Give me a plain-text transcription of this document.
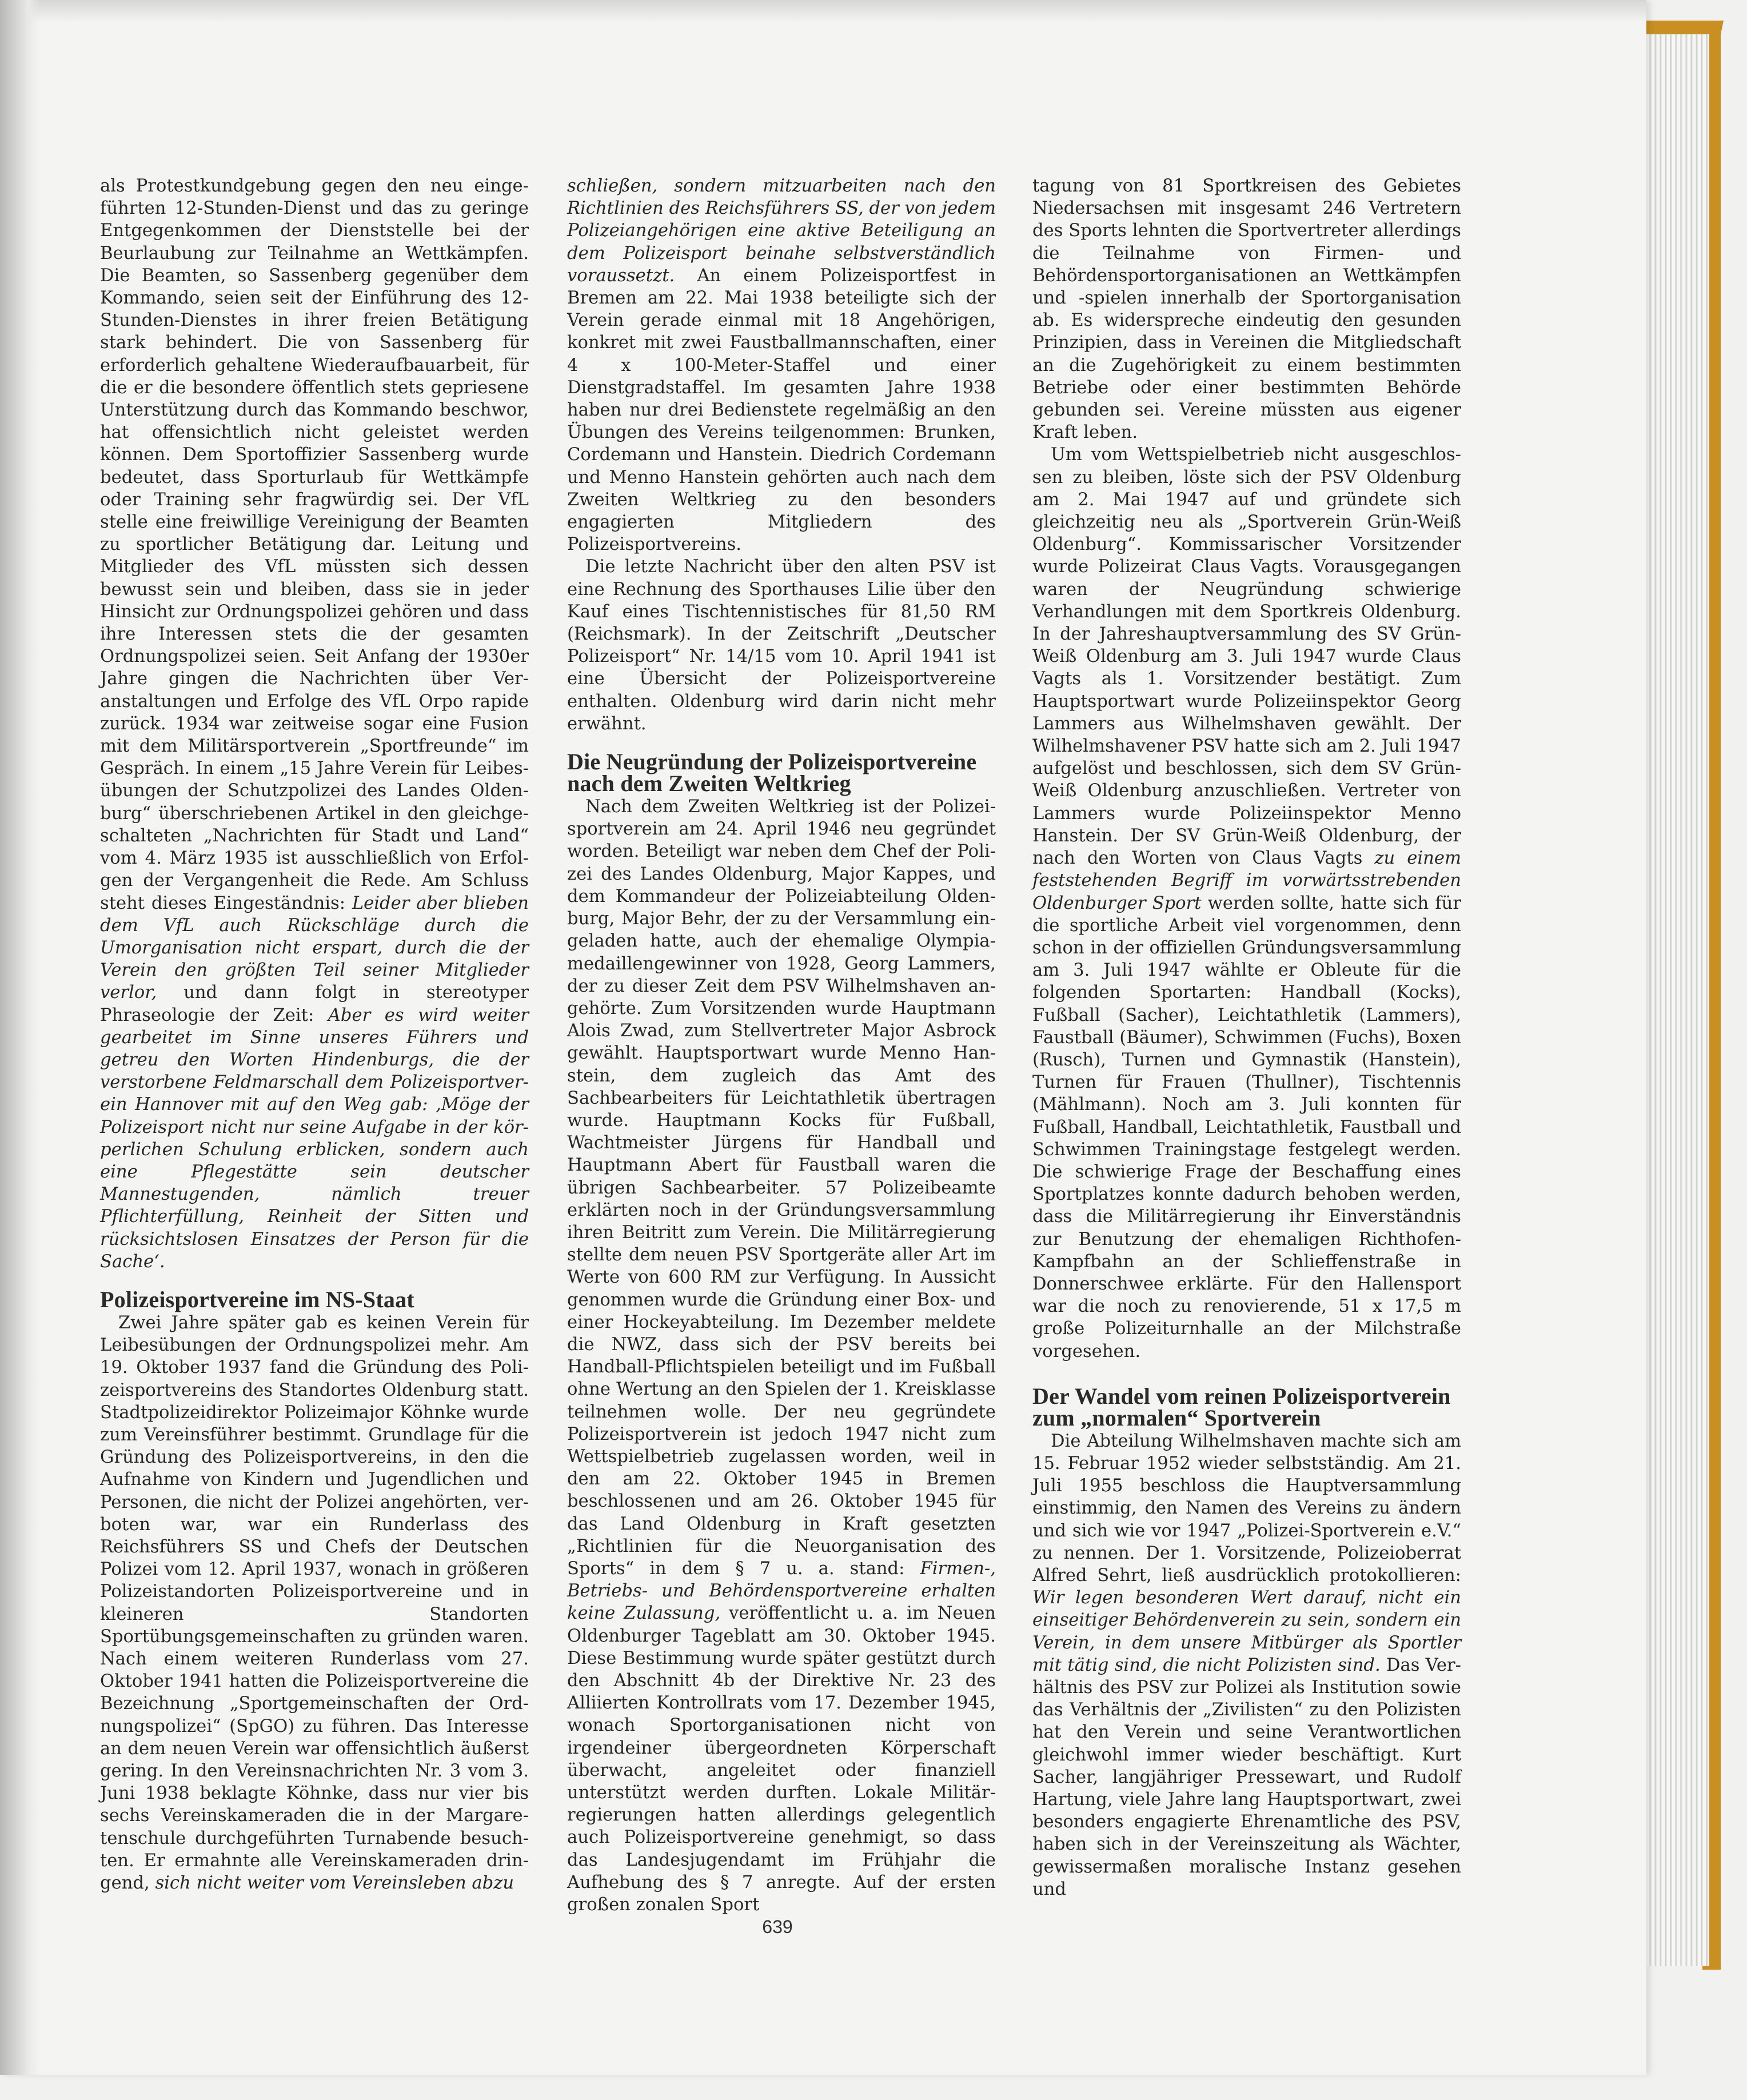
als Protestkundgebung gegen den neu eingeführten 12-Stunden-Dienst und das zu geringe Entgegenkommen der Dienststelle bei der Beurlaubung zur Teilnahme an Wettkämpfen. Die Beamten, so Sassenberg gegenüber dem Kommando, seien seit der Einführung des 12-Stunden-Dienstes in ihrer freien Betätigung stark behindert. Die von Sassenberg für erforderlich gehaltene Wiederaufbauarbeit, für die er die besondere öffentlich stets gepriesene Unterstützung durch das Kommando beschwor, hat offensichtlich nicht geleistet werden können. Dem Sportoffizier Sassenberg wurde bedeutet, dass Sporturlaub für Wettkämpfe oder Training sehr fragwürdig sei. Der VfL stelle eine freiwillige Vereinigung der Beamten zu sportlicher Betätigung dar. Leitung und Mitglieder des VfL müssten sich dessen bewusst sein und bleiben, dass sie in jeder Hinsicht zur Ordnungspolizei gehören und dass ihre Interessen stets die der gesamten Ordnungspolizei seien. Seit Anfang der 1930er Jahre gingen die Nachrichten über Veranstaltungen und Erfolge des VfL Orpo rapide zurück. 1934 war zeitweise sogar eine Fusion mit dem Militärsportverein „Sportfreunde“ im Gespräch. In einem „15 Jahre Verein für Leibesübungen der Schutzpolizei des Landes Oldenburg“ überschriebenen Artikel in den gleichgeschalteten „Nachrichten für Stadt und Land“ vom 4. März 1935 ist ausschließlich von Erfolgen der Vergangenheit die Rede. Am Schluss steht dieses Eingeständnis: Leider aber blieben dem VfL auch Rückschläge durch die Umorganisation nicht erspart, durch die der Verein den größten Teil seiner Mitglieder verlor, und dann folgt in stereotyper Phraseologie der Zeit: Aber es wird weiter gearbeitet im Sinne unseres Führers und getreu den Worten Hindenburgs, die der verstorbene Feldmarschall dem Polizeisportverein Hannover mit auf den Weg gab: ‚Möge der Polizeisport nicht nur seine Aufgabe in der körperlichen Schulung erblicken, sondern auch eine Pflegestätte sein deutscher Mannestugenden, nämlich treuer Pflichterfüllung, Reinheit der Sitten und rücksichtslosen Einsatzes der Person für die Sache‘.

Polizeisportvereine im NS-Staat

Zwei Jahre später gab es keinen Verein für Leibesübungen der Ordnungspolizei mehr. Am 19. Oktober 1937 fand die Gründung des Polizeisportvereins des Standortes Oldenburg statt. Stadtpolizeidirektor Polizeimajor Köhnke wurde zum Vereinsführer bestimmt. Grundlage für die Gründung des Polizeisportvereins, in den die Aufnahme von Kindern und Jugendlichen und Personen, die nicht der Polizei angehörten, verboten war, war ein Runderlass des Reichsführers SS und Chefs der Deutschen Polizei vom 12. April 1937, wonach in größeren Polizeistandorten Polizeisportvereine und in kleineren Standorten Sportübungsgemeinschaften zu gründen waren. Nach einem weiteren Runderlass vom 27. Oktober 1941 hatten die Polizeisportvereine die Bezeichnung „Sportgemeinschaften der Ordnungspolizei“ (SpGO) zu führen. Das Interesse an dem neuen Verein war offensichtlich äußerst gering. In den Vereinsnachrichten Nr. 3 vom 3. Juni 1938 beklagte Köhnke, dass nur vier bis sechs Vereinskameraden die in der Margaretenschule durchgeführten Turnabende besuchten. Er ermahnte alle Vereinskameraden dringend, sich nicht weiter vom Vereinsleben abzu

schließen, sondern mitzuarbeiten nach den Richtlinien des Reichsführers SS, der von jedem Polizeiangehörigen eine aktive Beteiligung an dem Polizeisport beinahe selbstverständlich voraussetzt. An einem Polizeisportfest in Bremen am 22. Mai 1938 beteiligte sich der Verein gerade einmal mit 18 Angehörigen, konkret mit zwei Faustballmannschaften, einer 4 x 100-Meter-Staffel und einer Dienstgradstaffel. Im gesamten Jahre 1938 haben nur drei Bedienstete regelmäßig an den Übungen des Vereins teilgenommen: Brunken, Cordemann und Hanstein. Diedrich Cordemann und Menno Hanstein gehörten auch nach dem Zweiten Weltkrieg zu den besonders engagierten Mitgliedern des Polizeisportvereins.

Die letzte Nachricht über den alten PSV ist eine Rechnung des Sporthauses Lilie über den Kauf eines Tischtennistisches für 81,50 RM (Reichsmark). In der Zeitschrift „Deutscher Polizeisport“ Nr. 14/15 vom 10. April 1941 ist eine Übersicht der Polizeisportvereine enthalten. Oldenburg wird darin nicht mehr erwähnt.

Die Neugründung der Polizeisportvereine nach dem Zweiten Weltkrieg

Nach dem Zweiten Weltkrieg ist der Polizeisportverein am 24. April 1946 neu gegründet worden. Beteiligt war neben dem Chef der Polizei des Landes Oldenburg, Major Kappes, und dem Kommandeur der Polizeiabteilung Oldenburg, Major Behr, der zu der Versammlung eingeladen hatte, auch der ehemalige Olympiamedaillengewinner von 1928, Georg Lammers, der zu dieser Zeit dem PSV Wilhelmshaven angehörte. Zum Vorsitzenden wurde Hauptmann Alois Zwad, zum Stellvertreter Major Asbrock gewählt. Hauptsportwart wurde Menno Hanstein, dem zugleich das Amt des Sachbearbeiters für Leichtathletik übertragen wurde. Hauptmann Kocks für Fußball, Wachtmeister Jürgens für Handball und Hauptmann Abert für Faustball waren die übrigen Sachbearbeiter. 57 Polizeibeamte erklärten noch in der Gründungsversammlung ihren Beitritt zum Verein. Die Militärregierung stellte dem neuen PSV Sportgeräte aller Art im Werte von 600 RM zur Verfügung. In Aussicht genommen wurde die Gründung einer Box- und einer Hockeyabteilung. Im Dezember meldete die NWZ, dass sich der PSV bereits bei Handball-Pflichtspielen beteiligt und im Fußball ohne Wertung an den Spielen der 1. Kreisklasse teilnehmen wolle. Der neu gegründete Polizeisportverein ist jedoch 1947 nicht zum Wettspielbetrieb zugelassen worden, weil in den am 22. Oktober 1945 in Bremen beschlossenen und am 26. Oktober 1945 für das Land Oldenburg in Kraft gesetzten „Richtlinien für die Neuorganisation des Sports“ in dem § 7 u. a. stand: Firmen-, Betriebs- und Behördensportvereine erhalten keine Zulassung, veröffentlicht u. a. im Neuen Oldenburger Tageblatt am 30. Oktober 1945. Diese Bestimmung wurde später gestützt durch den Abschnitt 4b der Direktive Nr. 23 des Alliierten Kontrollrats vom 17. Dezember 1945, wonach Sportorganisationen nicht von irgendeiner übergeordneten Körperschaft überwacht, angeleitet oder finanziell unterstützt werden durften. Lokale Militärregierungen hatten allerdings gelegentlich auch Polizeisportvereine genehmigt, so dass das Landesjugendamt im Frühjahr die Aufhebung des § 7 anregte. Auf der ersten großen zonalen Sport

tagung von 81 Sportkreisen des Gebietes Niedersachsen mit insgesamt 246 Vertretern des Sports lehnten die Sportvertreter allerdings die Teilnahme von Firmen- und Behördensportorganisationen an Wettkämpfen und -spielen innerhalb der Sportorganisation ab. Es widerspreche eindeutig den gesunden Prinzipien, dass in Vereinen die Mitgliedschaft an die Zugehörigkeit zu einem bestimmten Betriebe oder einer bestimmten Behörde gebunden sei. Vereine müssten aus eigener Kraft leben.

Um vom Wettspielbetrieb nicht ausgeschlossen zu bleiben, löste sich der PSV Oldenburg am 2. Mai 1947 auf und gründete sich gleichzeitig neu als „Sportverein Grün-Weiß Oldenburg“. Kommissarischer Vorsitzender wurde Polizeirat Claus Vagts. Vorausgegangen waren der Neugründung schwierige Verhandlungen mit dem Sportkreis Oldenburg. In der Jahreshauptversammlung des SV Grün-Weiß Oldenburg am 3. Juli 1947 wurde Claus Vagts als 1. Vorsitzender bestätigt. Zum Hauptsportwart wurde Polizeiinspektor Georg Lammers aus Wilhelmshaven gewählt. Der Wilhelmshavener PSV hatte sich am 2. Juli 1947 aufgelöst und beschlossen, sich dem SV Grün-Weiß Oldenburg anzuschließen. Vertreter von Lammers wurde Polizeiinspektor Menno Hanstein. Der SV Grün-Weiß Oldenburg, der nach den Worten von Claus Vagts zu einem feststehenden Begriff im vorwärtsstrebenden Oldenburger Sport werden sollte, hatte sich für die sportliche Arbeit viel vorgenommen, denn schon in der offiziellen Gründungsversammlung am 3. Juli 1947 wählte er Obleute für die folgenden Sportarten: Handball (Kocks), Fußball (Sacher), Leichtathletik (Lammers), Faustball (Bäumer), Schwimmen (Fuchs), Boxen (Rusch), Turnen und Gymnastik (Hanstein), Turnen für Frauen (Thullner), Tischtennis (Mählmann). Noch am 3. Juli konnten für Fußball, Handball, Leichtathletik, Faustball und Schwimmen Trainingstage festgelegt werden. Die schwierige Frage der Beschaffung eines Sportplatzes konnte dadurch behoben werden, dass die Militärregierung ihr Einverständnis zur Benutzung der ehemaligen Richthofen-Kampfbahn an der Schlieffenstraße in Donnerschwee erklärte. Für den Hallensport war die noch zu renovierende, 51 x 17,5 m große Polizeiturnhalle an der Milchstraße vorgesehen.

Der Wandel vom reinen Polizeisportverein zum „normalen“ Sportverein

Die Abteilung Wilhelmshaven machte sich am 15. Februar 1952 wieder selbstständig. Am 21. Juli 1955 beschloss die Hauptversammlung einstimmig, den Namen des Vereins zu ändern und sich wie vor 1947 „Polizei-Sportverein e.V.“ zu nennen. Der 1. Vorsitzende, Polizeioberrat Alfred Sehrt, ließ ausdrücklich protokollieren: Wir legen besonderen Wert darauf, nicht ein einseitiger Behördenverein zu sein, sondern ein Verein, in dem unsere Mitbürger als Sportler mit tätig sind, die nicht Polizisten sind. Das Verhältnis des PSV zur Polizei als Institution sowie das Verhältnis der „Zivilisten“ zu den Polizisten hat den Verein und seine Verantwortlichen gleichwohl immer wieder beschäftigt. Kurt Sacher, langjähriger Pressewart, und Rudolf Hartung, viele Jahre lang Hauptsportwart, zwei besonders engagierte Ehrenamtliche des PSV, haben sich in der Vereinszeitung als Wächter, gewissermaßen moralische Instanz gesehen und

639
